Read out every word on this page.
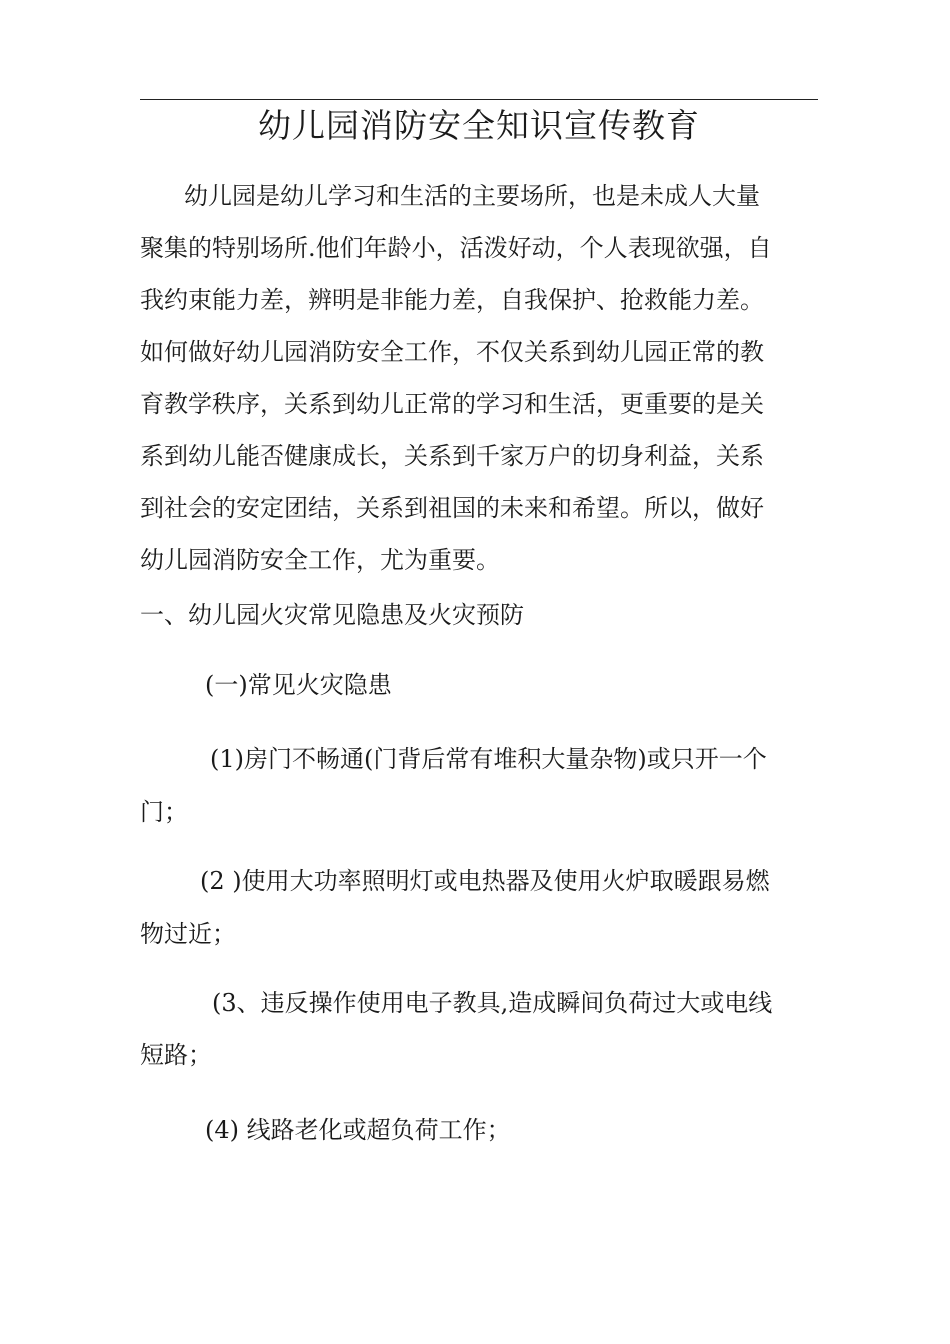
幼儿园消防安全知识宣传教育
幼儿园是幼儿学习和生活的主要场所，也是未成人大量
聚集的特别场所.他们年龄小，活泼好动，个人表现欲强，自
我约束能力差，辨明是非能力差，自我保护、抢救能力差。
如何做好幼儿园消防安全工作，不仅关系到幼儿园正常的教
育教学秩序，关系到幼儿正常的学习和生活，更重要的是关
系到幼儿能否健康成长，关系到千家万户的切身利益，关系
到社会的安定团结，关系到祖国的未来和希望。所以，做好
幼儿园消防安全工作，尤为重要。
一、幼儿园火灾常见隐患及火灾预防
(一)常见火灾隐患
(1)房门不畅通(门背后常有堆积大量杂物)或只开一个
门；
(2 )使用大功率照明灯或电热器及使用火炉取暖跟易燃
物过近；
(3、违反操作使用电子教具,造成瞬间负荷过大或电线
短路；
(4) 线路老化或超负荷工作；
